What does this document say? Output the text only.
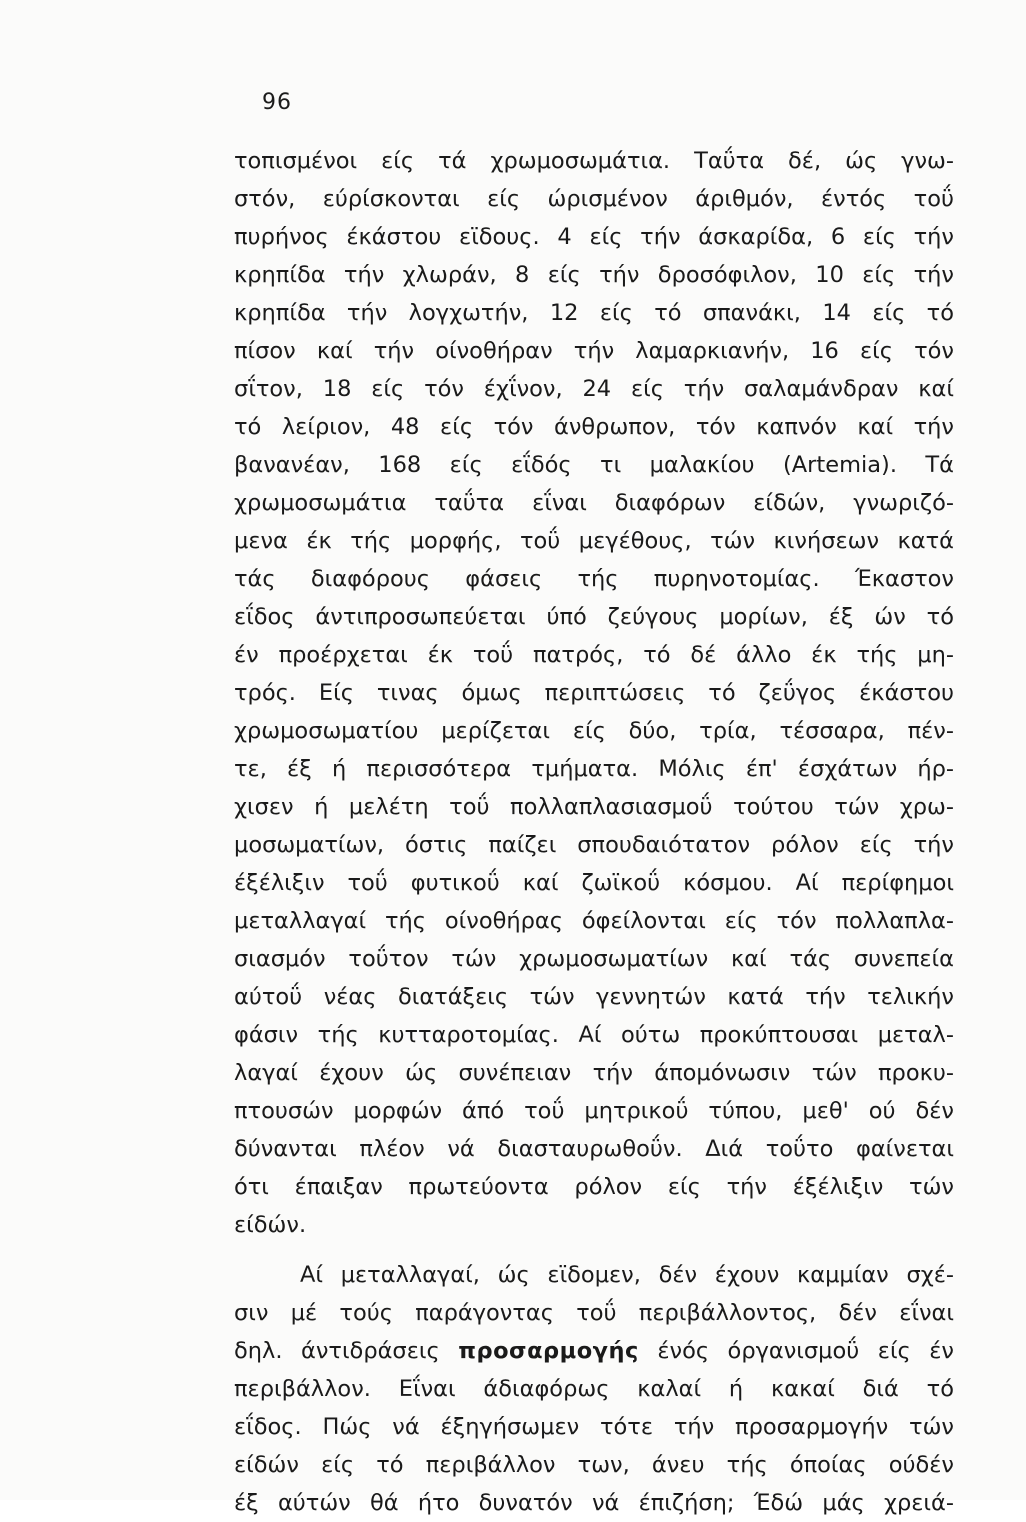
96
τοπισμένοι είς τά χρωμοσωμάτια. Ταΰτα δέ, ώς γνω-
στόν, εύρίσκονται είς ώρισμένον άριθμόν, έντός τοΰ
πυρήνος έκάστου εϊδους. 4 είς τήν άσκαρίδα, 6 είς τήν
κρηπίδα τήν χλωράν, 8 είς τήν δροσόφιλον, 10 είς τήν
κρηπίδα τήν λογχωτήν, 12 είς τό σπανάκι, 14 είς τό
πίσον καί τήν οίνοθήραν τήν λαμαρκιανήν, 16 είς τόν
σΐτον, 18 είς τόν έχΐνον, 24 είς τήν σαλαμάνδραν καί
τό λείριον, 48 είς τόν άνθρωπον, τόν καπνόν καί τήν
βανανέαν, 168 είς εΐδός τι μαλακίου (Artemia). Τά
χρωμοσωμάτια ταΰτα εΐναι διαφόρων είδών, γνωριζό-
μενα έκ τής μορφής, τοΰ μεγέθους, τών κινήσεων κατά
τάς διαφόρους φάσεις τής πυρηνοτομίας. Έκαστον
εΐδος άντιπροσωπεύεται ύπό ζεύγους μορίων, έξ ών τό
έν προέρχεται έκ τοΰ πατρός, τό δέ άλλο έκ τής μη-
τρός. Είς τινας όμως περιπτώσεις τό ζεΰγος έκάστου
χρωμοσωματίου μερίζεται είς δύο, τρία, τέσσαρα, πέν-
τε, έξ ή περισσότερα τμήματα. Μόλις έπ' έσχάτων ήρ-
χισεν ή μελέτη τοΰ πολλαπλασιασμοΰ τούτου τών χρω-
μοσωματίων, όστις παίζει σπουδαιότατον ρόλον είς τήν
έξέλιξιν τοΰ φυτικοΰ καί ζωϊκοΰ κόσμου. Αί περίφημοι
μεταλλαγαί τής οίνοθήρας όφείλονται είς τόν πολλαπλα-
σιασμόν τοΰτον τών χρωμοσωματίων καί τάς συνεπεία
αύτοΰ νέας διατάξεις τών γεννητών κατά τήν τελικήν
φάσιν τής κυτταροτομίας. Αί ούτω προκύπτουσαι μεταλ-
λαγαί έχουν ώς συνέπειαν τήν άπομόνωσιν τών προκυ-
πτουσών μορφών άπό τοΰ μητρικοΰ τύπου, μεθ' ού δέν
δύνανται πλέον νά διασταυρωθοΰν. Διά τοΰτο φαίνεται
ότι έπαιξαν πρωτεύοντα ρόλον είς τήν έξέλιξιν τών
είδών.
Αί μεταλλαγαί, ώς εϊδομεν, δέν έχουν καμμίαν σχέ-
σιν μέ τούς παράγοντας τοΰ περιβάλλοντος, δέν εΐναι
δηλ. άντιδράσεις προσαρμογής ένός όργανισμοΰ είς έν
περιβάλλον. Εΐναι άδιαφόρως καλαί ή κακαί διά τό
εΐδος. Πώς νά έξηγήσωμεν τότε τήν προσαρμογήν τών
είδών είς τό περιβάλλον των, άνευ τής όποίας ούδέν
έξ αύτών θά ήτο δυνατόν νά έπιζήση; Έδώ μάς χρειά-
